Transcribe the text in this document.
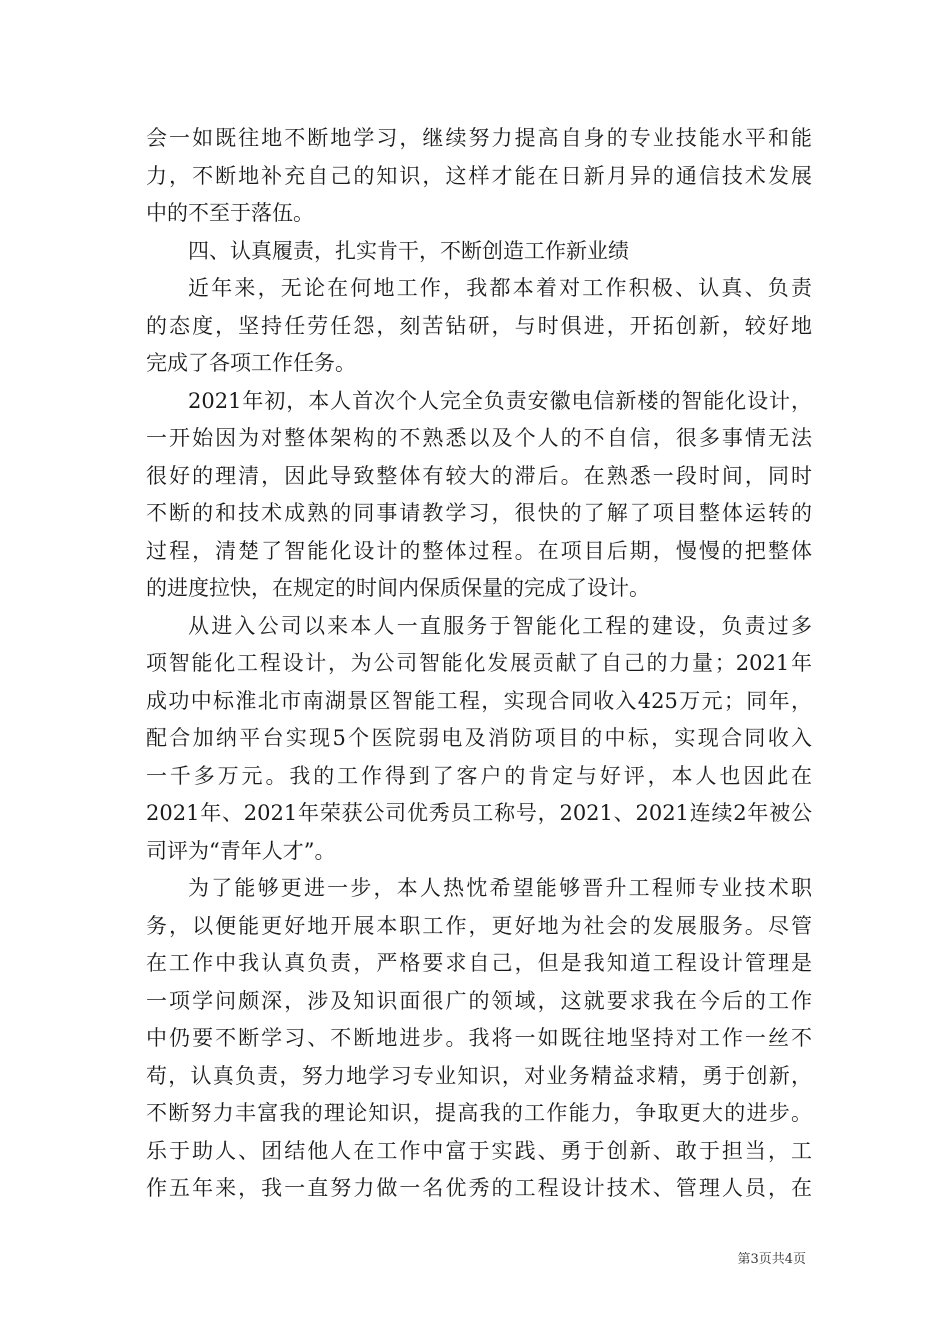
会一如既往地不断地学习，继续努力提高自身的专业技能水平和能
力，不断地补充自己的知识，这样才能在日新月异的通信技术发展
中的不至于落伍。
四、认真履责，扎实肯干，不断创造工作新业绩
近年来，无论在何地工作，我都本着对工作积极、认真、负责
的态度，坚持任劳任怨，刻苦钻研，与时俱进，开拓创新，较好地
完成了各项工作任务。
2021年初，本人首次个人完全负责安徽电信新楼的智能化设计，
一开始因为对整体架构的不熟悉以及个人的不自信，很多事情无法
很好的理清，因此导致整体有较大的滞后。在熟悉一段时间，同时
不断的和技术成熟的同事请教学习，很快的了解了项目整体运转的
过程，清楚了智能化设计的整体过程。在项目后期，慢慢的把整体
的进度拉快，在规定的时间内保质保量的完成了设计。
从进入公司以来本人一直服务于智能化工程的建设，负责过多
项智能化工程设计，为公司智能化发展贡献了自己的力量；2021年
成功中标淮北市南湖景区智能工程，实现合同收入425万元；同年，
配合加纳平台实现5个医院弱电及消防项目的中标，实现合同收入
一千多万元。我的工作得到了客户的肯定与好评，本人也因此在
2021年、2021年荣获公司优秀员工称号，2021、2021连续2年被公
司评为“青年人才”。
为了能够更进一步，本人热忱希望能够晋升工程师专业技术职
务，以便能更好地开展本职工作，更好地为社会的发展服务。尽管
在工作中我认真负责，严格要求自己，但是我知道工程设计管理是
一项学问颇深，涉及知识面很广的领域，这就要求我在今后的工作
中仍要不断学习、不断地进步。我将一如既往地坚持对工作一丝不
苟，认真负责，努力地学习专业知识，对业务精益求精，勇于创新，
不断努力丰富我的理论知识，提高我的工作能力，争取更大的进步。
乐于助人、团结他人在工作中富于实践、勇于创新、敢于担当，工
作五年来，我一直努力做一名优秀的工程设计技术、管理人员，在
第3页共4页
